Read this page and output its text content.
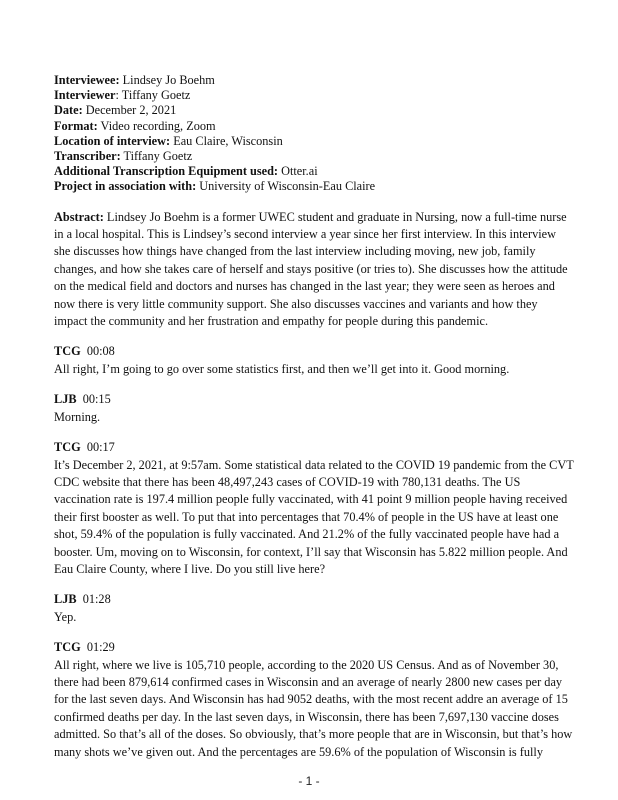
Interviewee: Lindsey Jo Boehm
Interviewer: Tiffany Goetz
Date: December 2, 2021
Format: Video recording, Zoom
Location of interview: Eau Claire, Wisconsin
Transcriber: Tiffany Goetz
Additional Transcription Equipment used: Otter.ai
Project in association with: University of Wisconsin-Eau Claire
Abstract: Lindsey Jo Boehm is a former UWEC student and graduate in Nursing, now a full-time nurse in a local hospital. This is Lindsey’s second interview a year since her first interview. In this interview she discusses how things have changed from the last interview including moving, new job, family changes, and how she takes care of herself and stays positive (or tries to). She discusses how the attitude on the medical field and doctors and nurses has changed in the last year; they were seen as heroes and now there is very little community support. She also discusses vaccines and variants and how they impact the community and her frustration and empathy for people during this pandemic.
TCG 00:08
All right, I’m going to go over some statistics first, and then we’ll get into it. Good morning.
LJB 00:15
Morning.
TCG 00:17
It’s December 2, 2021, at 9:57am. Some statistical data related to the COVID 19 pandemic from the CVT CDC website that there has been 48,497,243 cases of COVID-19 with 780,131 deaths. The US vaccination rate is 197.4 million people fully vaccinated, with 41 point 9 million people having received their first booster as well. To put that into percentages that 70.4% of people in the US have at least one shot, 59.4% of the population is fully vaccinated. And 21.2% of the fully vaccinated people have had a booster. Um, moving on to Wisconsin, for context, I’ll say that Wisconsin has 5.822 million people. And Eau Claire County, where I live. Do you still live here?
LJB 01:28
Yep.
TCG 01:29
All right, where we live is 105,710 people, according to the 2020 US Census. And as of November 30, there had been 879,614 confirmed cases in Wisconsin and an average of nearly 2800 new cases per day for the last seven days. And Wisconsin has had 9052 deaths, with the most recent addre an average of 15 confirmed deaths per day. In the last seven days, in Wisconsin, there has been 7,697,130 vaccine doses admitted. So that’s all of the doses. So obviously, that’s more people that are in Wisconsin, but that’s how many shots we’ve given out. And the percentages are 59.6% of the population of Wisconsin is fully
- 1 -
